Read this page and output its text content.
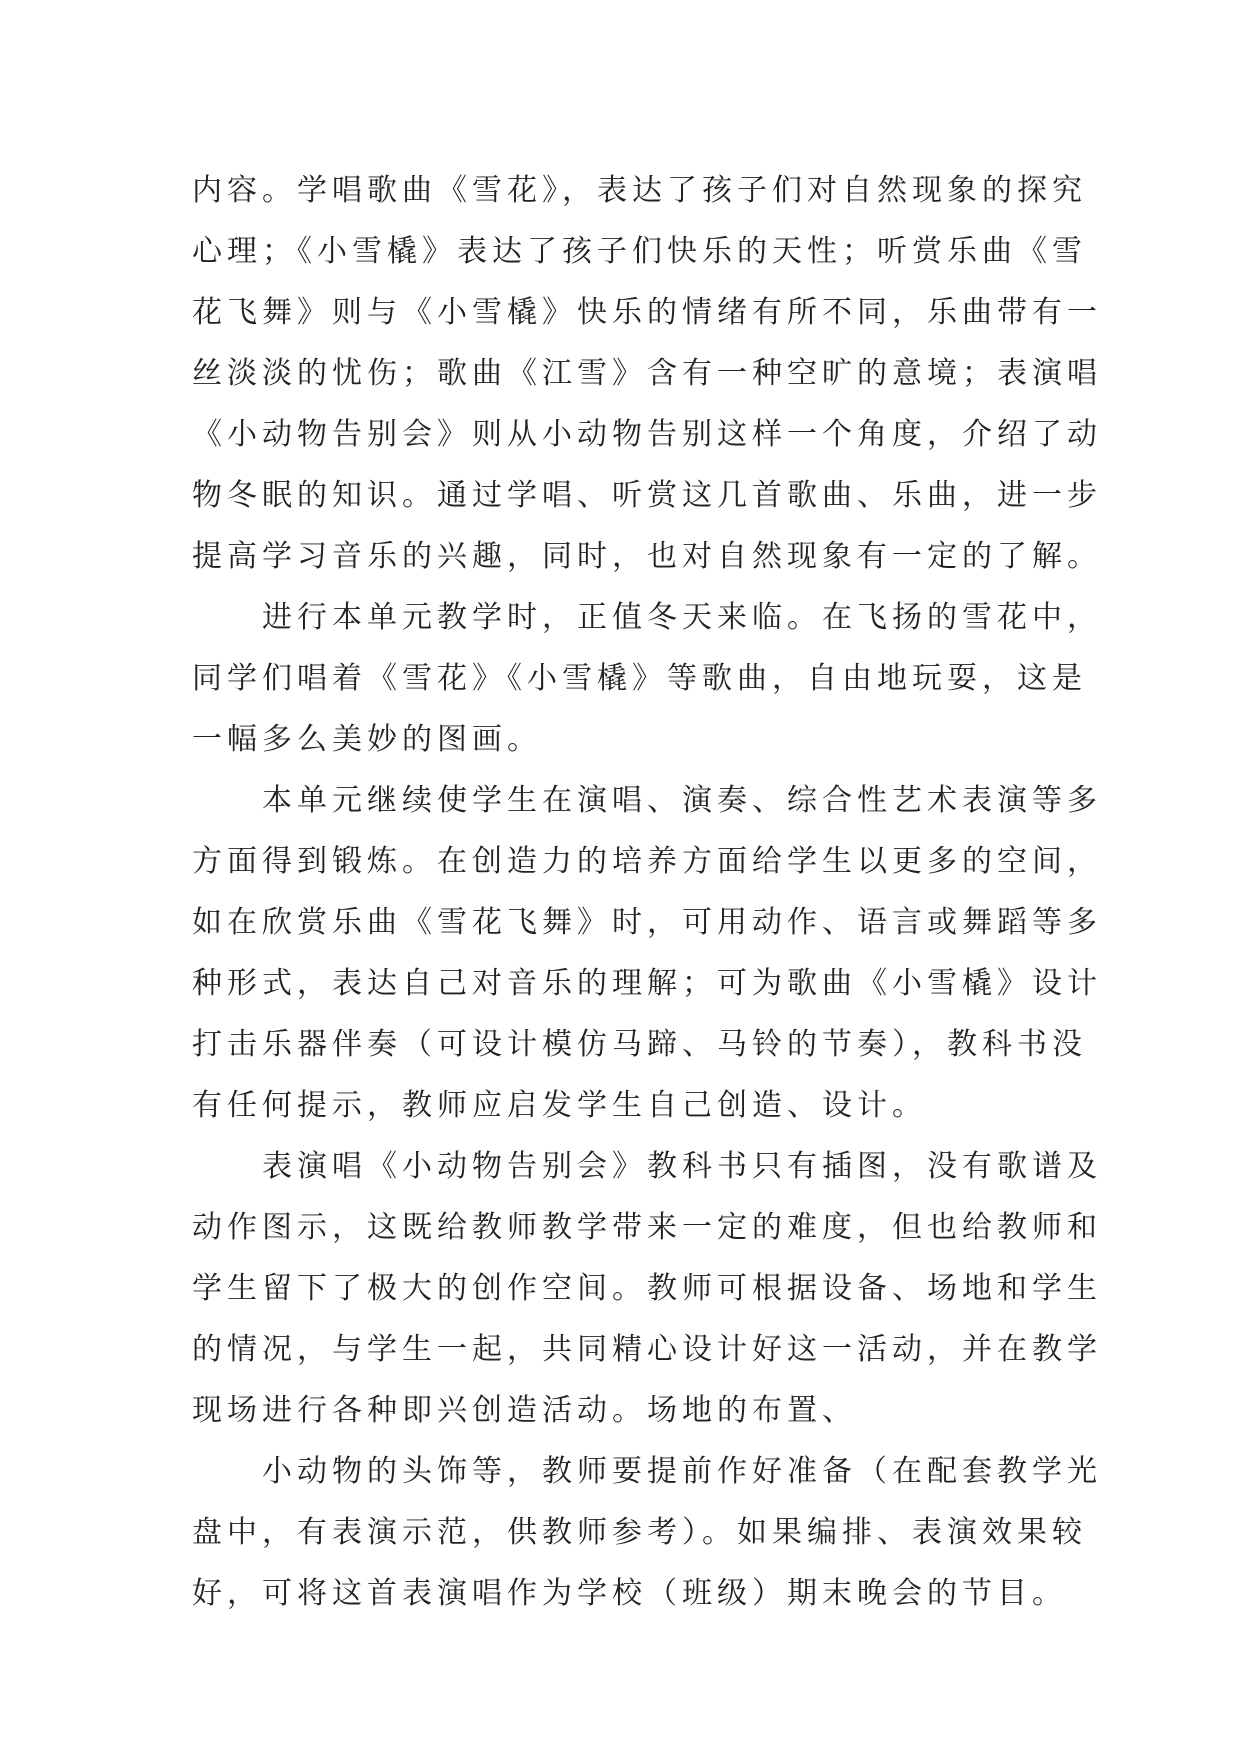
内容。学唱歌曲《雪花》，表达了孩子们对自然现象的探究
心理；《小雪橇》表达了孩子们快乐的天性；听赏乐曲《雪
花飞舞》则与《小雪橇》快乐的情绪有所不同，乐曲带有一
丝淡淡的忧伤；歌曲《江雪》含有一种空旷的意境；表演唱
《小动物告别会》则从小动物告别这样一个角度，介绍了动
物冬眠的知识。通过学唱、听赏这几首歌曲、乐曲，进一步
提高学习音乐的兴趣，同时，也对自然现象有一定的了解。

　　进行本单元教学时，正值冬天来临。在飞扬的雪花中，
同学们唱着《雪花》《小雪橇》等歌曲，自由地玩耍，这是
一幅多么美妙的图画。

　　本单元继续使学生在演唱、演奏、综合性艺术表演等多
方面得到锻炼。在创造力的培养方面给学生以更多的空间，
如在欣赏乐曲《雪花飞舞》时，可用动作、语言或舞蹈等多
种形式，表达自己对音乐的理解；可为歌曲《小雪橇》设计
打击乐器伴奏（可设计模仿马蹄、马铃的节奏），教科书没
有任何提示，教师应启发学生自己创造、设计。

　　表演唱《小动物告别会》教科书只有插图，没有歌谱及
动作图示，这既给教师教学带来一定的难度，但也给教师和
学生留下了极大的创作空间。教师可根据设备、场地和学生
的情况，与学生一起，共同精心设计好这一活动，并在教学
现场进行各种即兴创造活动。场地的布置、

　　小动物的头饰等，教师要提前作好准备（在配套教学光
盘中，有表演示范，供教师参考）。如果编排、表演效果较
好，可将这首表演唱作为学校（班级）期末晚会的节目。
